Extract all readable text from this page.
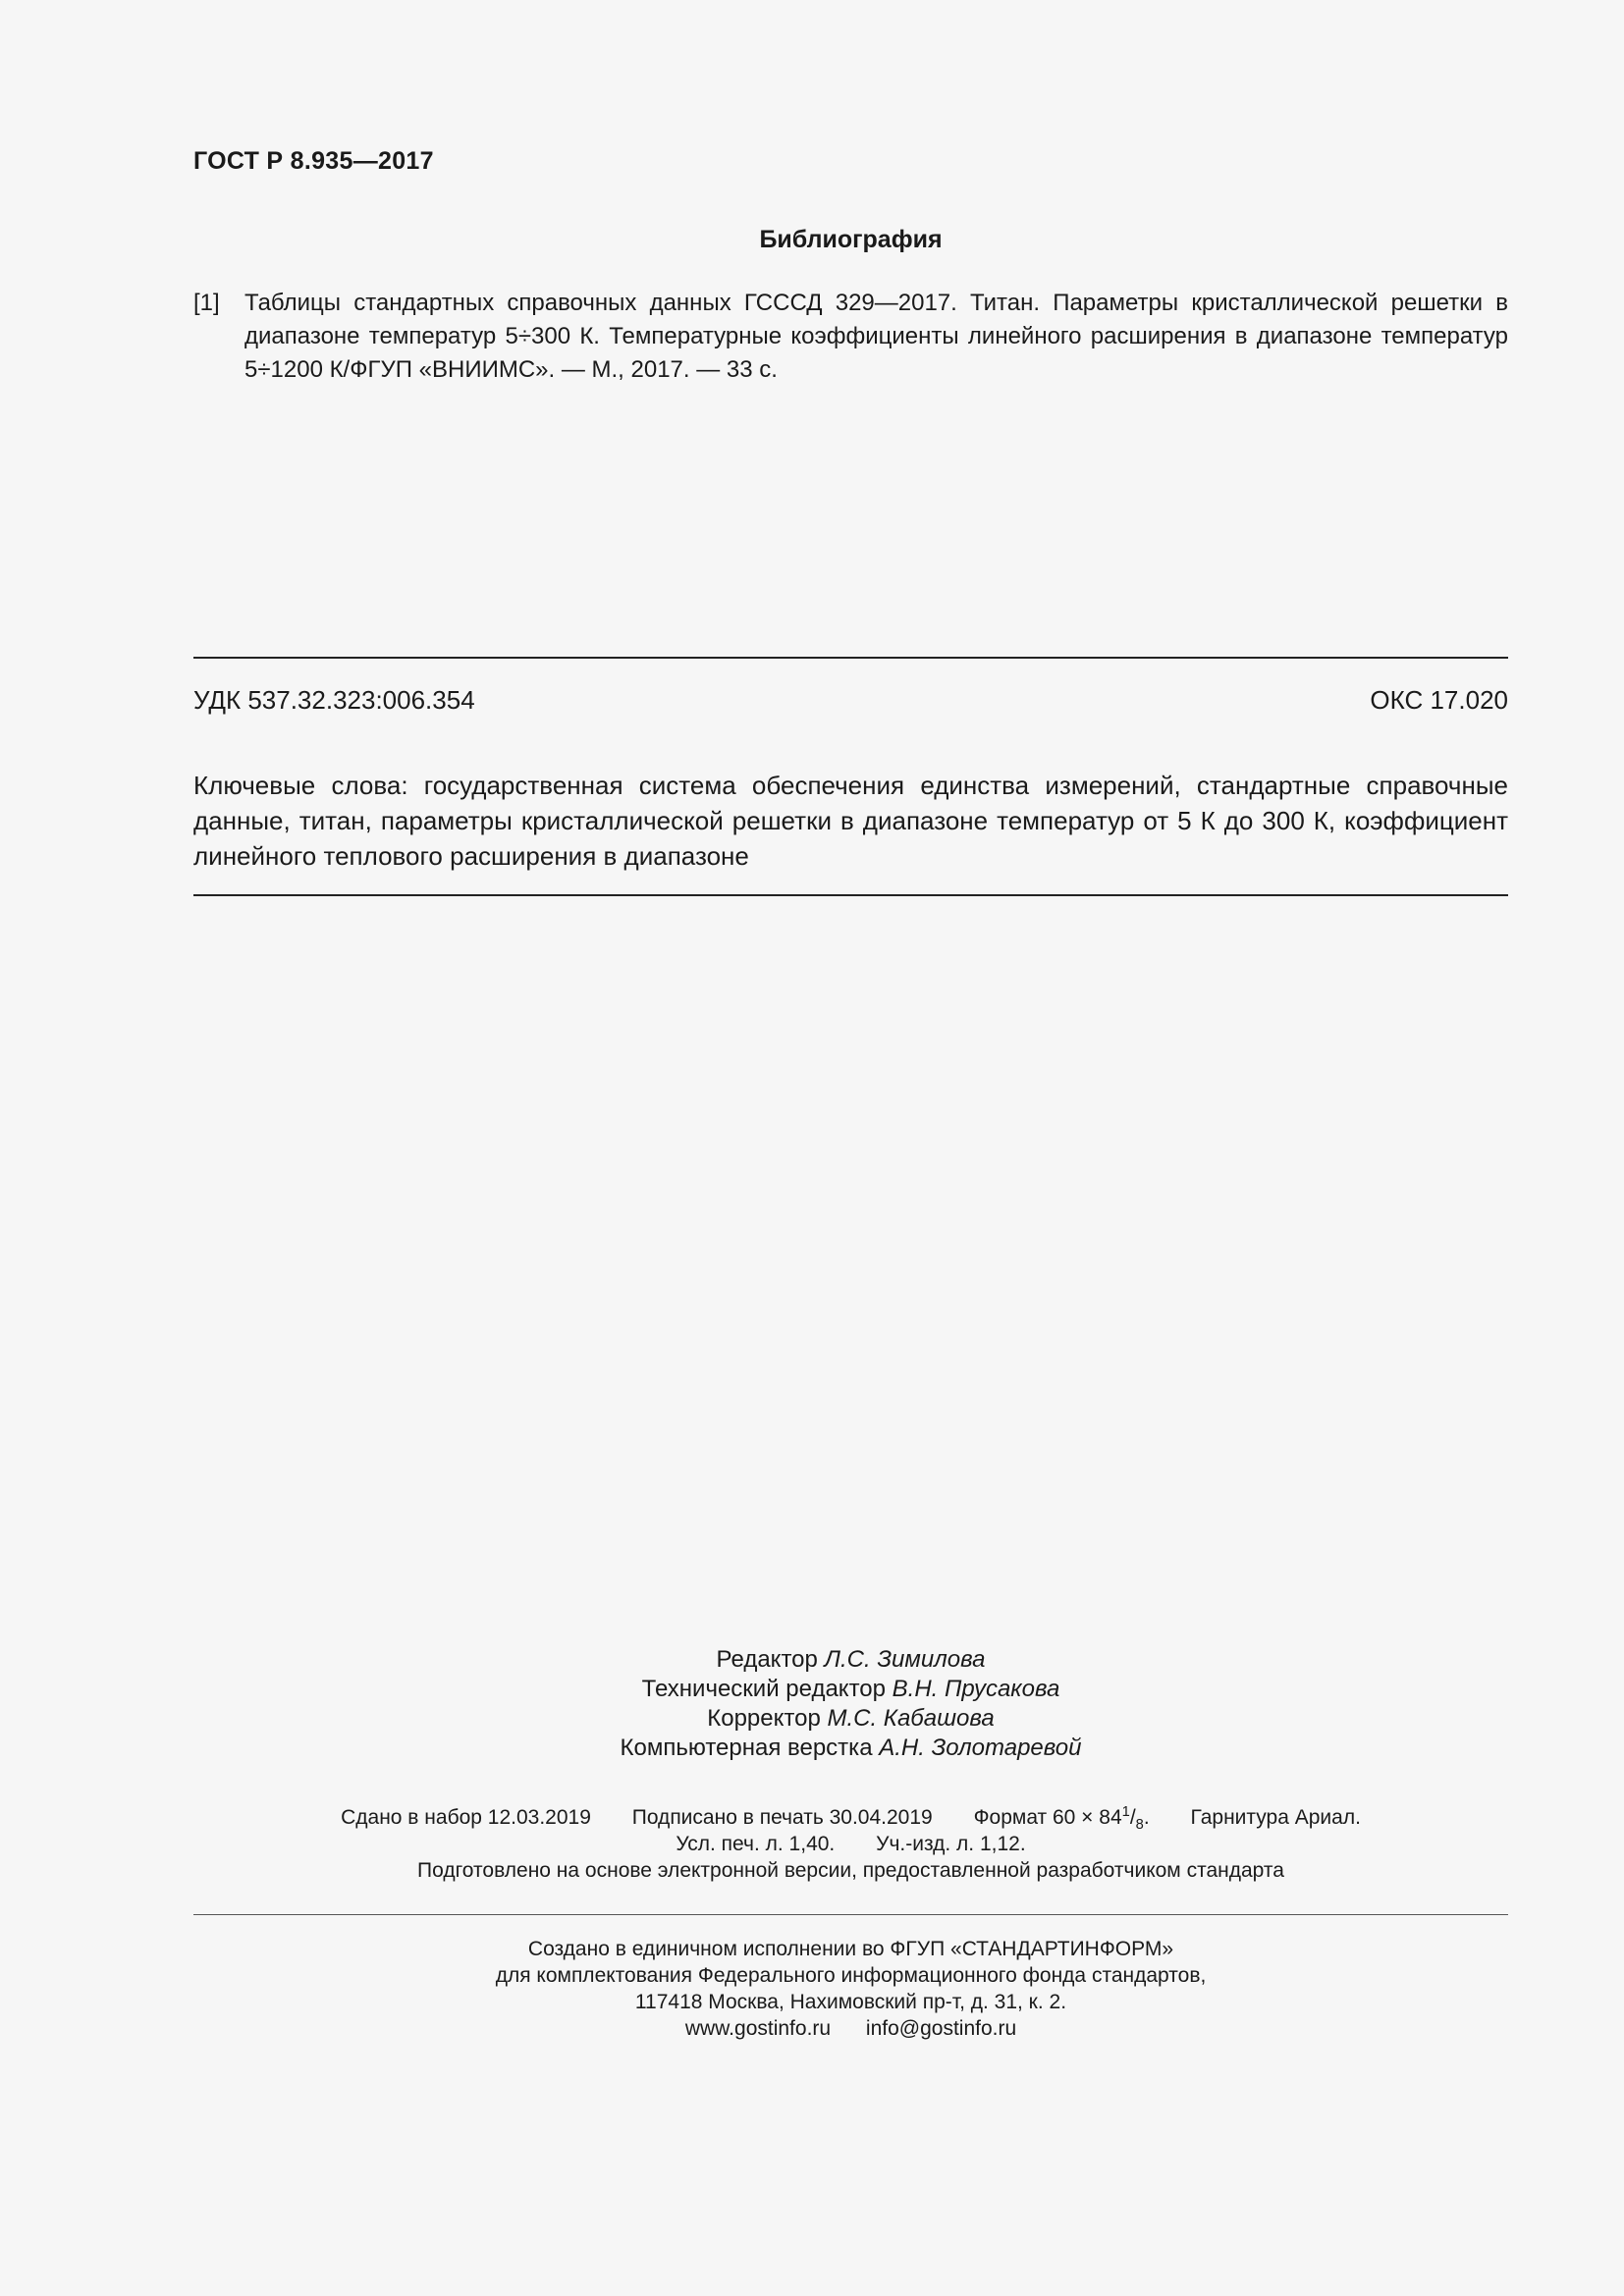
ГОСТ Р 8.935—2017
Библиография
[1]	Таблицы стандартных справочных данных ГСССД 329—2017. Титан. Параметры кристаллической решетки в диапазоне температур 5÷300 К. Температурные коэффициенты линейного расширения в диапазоне температур 5÷1200 К/ФГУП «ВНИИМС». — М., 2017. — 33 с.
УДК 537.32.323:006.354	ОКС 17.020
Ключевые слова: государственная система обеспечения единства измерений, стандартные справочные данные, титан, параметры кристаллической решетки в диапазоне температур от 5 К до 300 К, коэффициент линейного теплового расширения в диапазоне
Редактор Л.С. Зимилова
Технический редактор В.Н. Прусакова
Корректор М.С. Кабашова
Компьютерная верстка А.Н. Золотаревой
Сдано в набор 12.03.2019 Подписано в печать 30.04.2019 Формат $60 \times 84^1/_8$. Гарнитура Ариал.
Усл. печ. л. 1,40. Уч.-изд. л. 1,12.
Подготовлено на основе электронной версии, предоставленной разработчиком стандарта
Создано в единичном исполнении во ФГУП «СТАНДАРТИНФОРМ»
для комплектования Федерального информационного фонда стандартов,
117418 Москва, Нахимовский пр-т, д. 31, к. 2.
www.gostinfo.ru info@gostinfo.ru
